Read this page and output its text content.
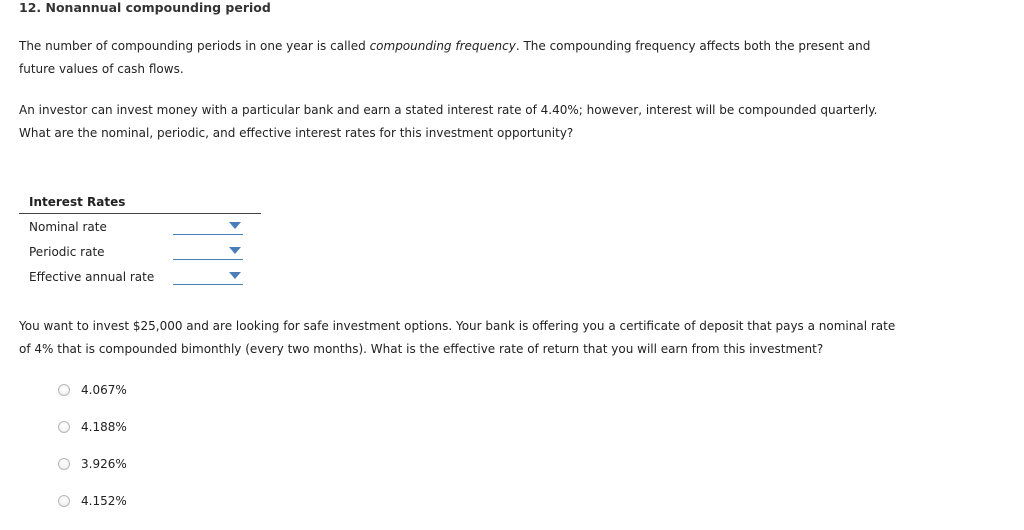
12. Nonannual compounding period
The number of compounding periods in one year is called compounding frequency. The compounding frequency affects both the present and future values of cash flows.
An investor can invest money with a particular bank and earn a stated interest rate of 4.40%; however, interest will be compounded quarterly. What are the nominal, periodic, and effective interest rates for this investment opportunity?
Interest Rates
Nominal rate
Periodic rate
Effective annual rate
You want to invest $25,000 and are looking for safe investment options. Your bank is offering you a certificate of deposit that pays a nominal rate of 4% that is compounded bimonthly (every two months). What is the effective rate of return that you will earn from this investment?
4.067%
4.188%
3.926%
4.152%
